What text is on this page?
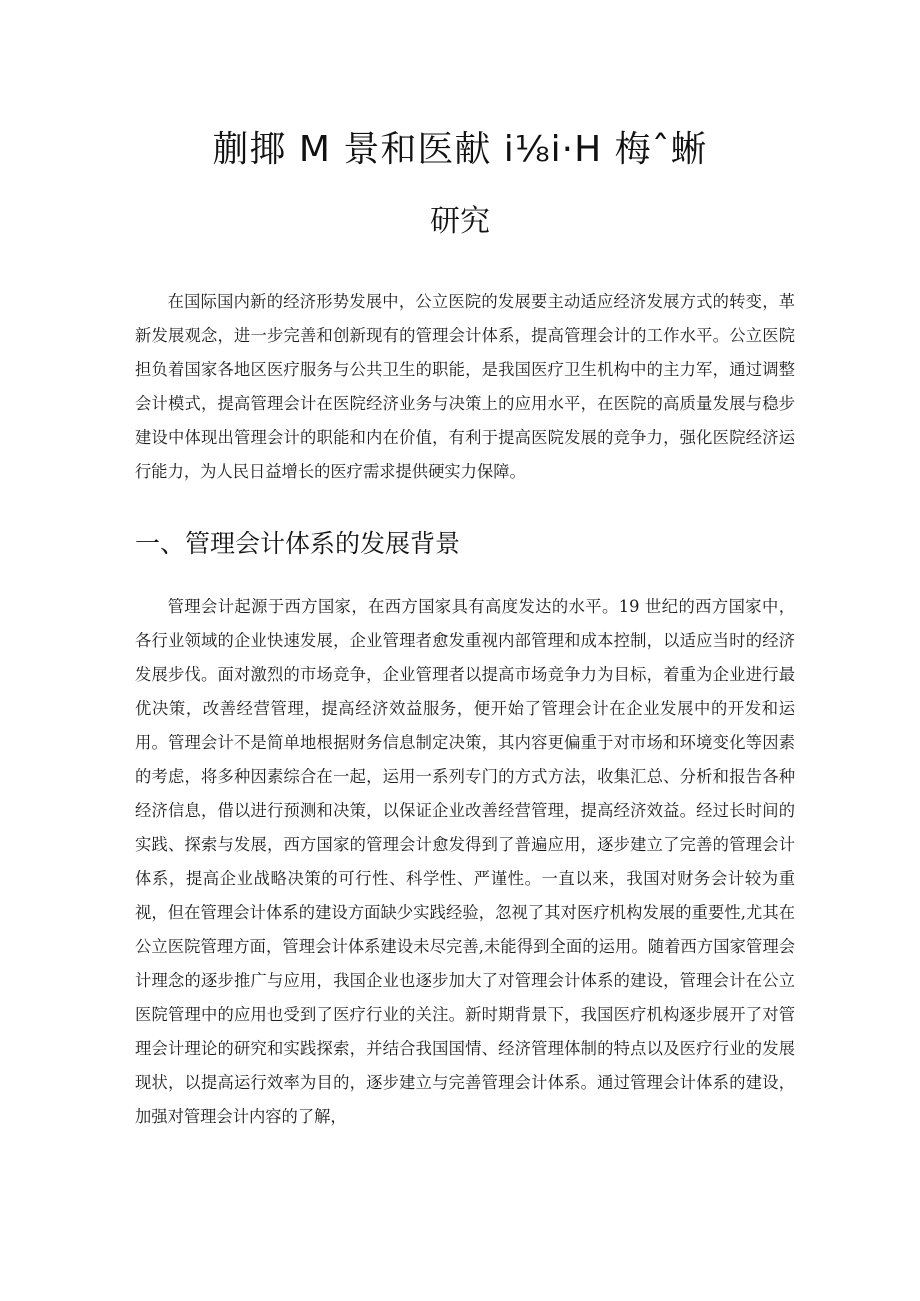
蒯揶 M 景和医献 i⅛i·H 梅ˆ蜥
研究

在国际国内新的经济形势发展中，公立医院的发展要主动适应经济发展方式的转变，革新发展观念，进一步完善和创新现有的管理会计体系，提高管理会计的工作水平。公立医院担负着国家各地区医疗服务与公共卫生的职能，是我国医疗卫生机构中的主力军，通过调整会计模式，提高管理会计在医院经济业务与决策上的应用水平，在医院的高质量发展与稳步建设中体现出管理会计的职能和内在价值，有利于提高医院发展的竞争力，强化医院经济运行能力，为人民日益增长的医疗需求提供硬实力保障。

一、管理会计体系的发展背景

管理会计起源于西方国家，在西方国家具有高度发达的水平。19 世纪的西方国家中，各行业领域的企业快速发展，企业管理者愈发重视内部管理和成本控制，以适应当时的经济发展步伐。面对激烈的市场竞争，企业管理者以提高市场竞争力为目标，着重为企业进行最优决策，改善经营管理，提高经济效益服务，便开始了管理会计在企业发展中的开发和运用。管理会计不是简单地根据财务信息制定决策，其内容更偏重于对市场和环境变化等因素的考虑，将多种因素综合在一起，运用一系列专门的方式方法，收集汇总、分析和报告各种经济信息，借以进行预测和决策，以保证企业改善经营管理，提高经济效益。经过长时间的实践、探索与发展，西方国家的管理会计愈发得到了普遍应用，逐步建立了完善的管理会计体系，提高企业战略决策的可行性、科学性、严谨性。一直以来，我国对财务会计较为重视，但在管理会计体系的建设方面缺少实践经验，忽视了其对医疗机构发展的重要性,尤其在公立医院管理方面，管理会计体系建设未尽完善,未能得到全面的运用。随着西方国家管理会计理念的逐步推广与应用，我国企业也逐步加大了对管理会计体系的建设，管理会计在公立医院管理中的应用也受到了医疗行业的关注。新时期背景下，我国医疗机构逐步展开了对管理会计理论的研究和实践探索，并结合我国国情、经济管理体制的特点以及医疗行业的发展现状，以提高运行效率为目的，逐步建立与完善管理会计体系。通过管理会计体系的建设，加强对管理会计内容的了解，
